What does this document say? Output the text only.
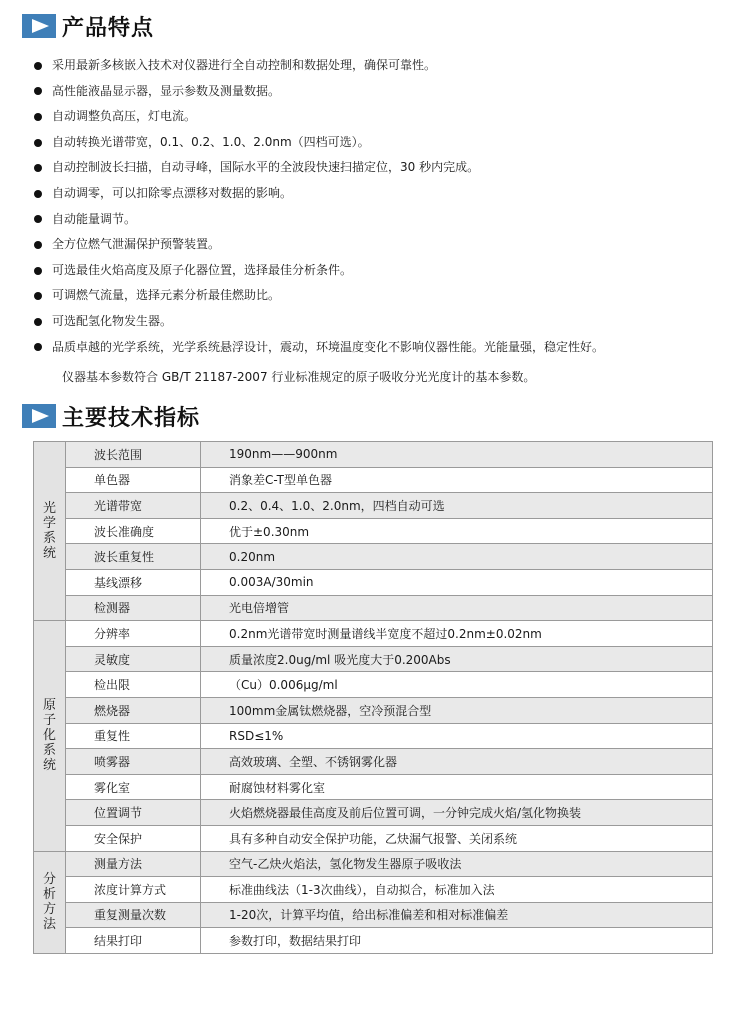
产品特点
采用最新多核嵌入技术对仪器进行全自动控制和数据处理，确保可靠性。
高性能液晶显示器，显示参数及测量数据。
自动调整负高压，灯电流。
自动转换光谱带宽，0.1、0.2、1.0、2.0nm（四档可选）。
自动控制波长扫描，自动寻峰，国际水平的全波段快速扫描定位，30 秒内完成。
自动调零，可以扣除零点漂移对数据的影响。
自动能量调节。
全方位燃气泄漏保护预警装置。
可选最佳火焰高度及原子化器位置，选择最佳分析条件。
可调燃气流量，选择元素分析最佳燃助比。
可选配氢化物发生器。
品质卓越的光学系统，光学系统悬浮设计，震动，环境温度变化不影响仪器性能。光能量强，稳定性好。
仪器基本参数符合 GB/T 21187-2007 行业标准规定的原子吸收分光光度计的基本参数。
主要技术指标
光学系统	波长范围	190nm——900nm
	单色器	消象差C-T型单色器
	光谱带宽	0.2、0.4、1.0、2.0nm，四档自动可选
	波长准确度	优于±0.30nm
	波长重复性	0.20nm
	基线漂移	0.003A/30min
	检测器	光电倍增管
原子化系统	分辨率	0.2nm光谱带宽时测量谱线半宽度不超过0.2nm±0.02nm
	灵敏度	质量浓度2.0ug/ml 吸光度大于0.200Abs
	检出限	（Cu）0.006μg/ml
	燃烧器	100mm金属钛燃烧器，空冷预混合型
	重复性	RSD≤1%
	喷雾器	高效玻璃、全塑、不锈钢雾化器
	雾化室	耐腐蚀材料雾化室
	位置调节	火焰燃烧器最佳高度及前后位置可调，一分钟完成火焰/氢化物换装
	安全保护	具有多种自动安全保护功能，乙炔漏气报警、关闭系统
分析方法	测量方法	空气-乙炔火焰法，氢化物发生器原子吸收法
	浓度计算方式	标准曲线法（1-3次曲线），自动拟合，标准加入法
	重复测量次数	1-20次，计算平均值，给出标准偏差和相对标准偏差
	结果打印	参数打印，数据结果打印
